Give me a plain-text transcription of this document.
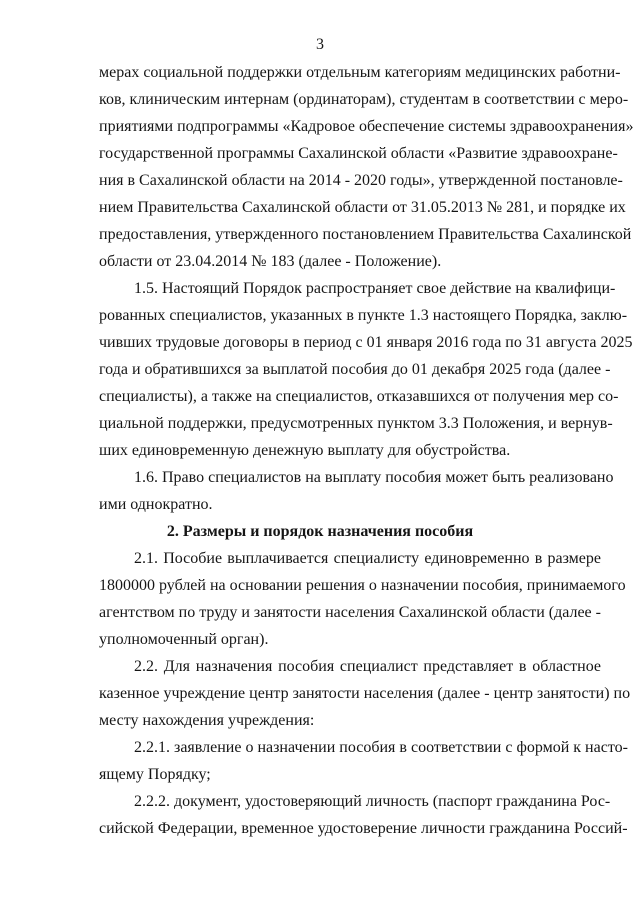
3
мерах социальной поддержки отдельным категориям медицинских работни-
ков, клиническим интернам (ординаторам), студентам в соответствии с меро-
приятиями подпрограммы «Кадровое обеспечение системы здравоохранения»
государственной программы Сахалинской области «Развитие здравоохране-
ния в Сахалинской области на 2014 - 2020 годы», утвержденной постановле-
нием Правительства Сахалинской области от 31.05.2013 № 281, и порядке их
предоставления, утвержденного постановлением Правительства Сахалинской
области от 23.04.2014 № 183 (далее - Положение).
1.5. Настоящий Порядок распространяет свое действие на квалифици-
рованных специалистов, указанных в пункте 1.3 настоящего Порядка, заклю-
чивших трудовые договоры в период с 01 января 2016 года по 31 августа 2025
года и обратившихся за выплатой пособия до 01 декабря 2025 года (далее -
специалисты), а также на специалистов, отказавшихся от получения мер со-
циальной поддержки, предусмотренных пунктом 3.3 Положения, и вернув-
ших единовременную денежную выплату для обустройства.
1.6. Право специалистов на выплату пособия может быть реализовано
ими однократно.
2. Размеры и порядок назначения пособия
2.1. Пособие выплачивается специалисту единовременно в размере
1800000 рублей на основании решения о назначении пособия, принимаемого
агентством по труду и занятости населения Сахалинской области (далее -
уполномоченный орган).
2.2. Для назначения пособия специалист представляет в областное
казенное учреждение центр занятости населения (далее - центр занятости) по
месту нахождения учреждения:
2.2.1. заявление о назначении пособия в соответствии с формой к насто-
ящему Порядку;
2.2.2. документ, удостоверяющий личность (паспорт гражданина Рос-
сийской Федерации, временное удостоверение личности гражданина Россий-
